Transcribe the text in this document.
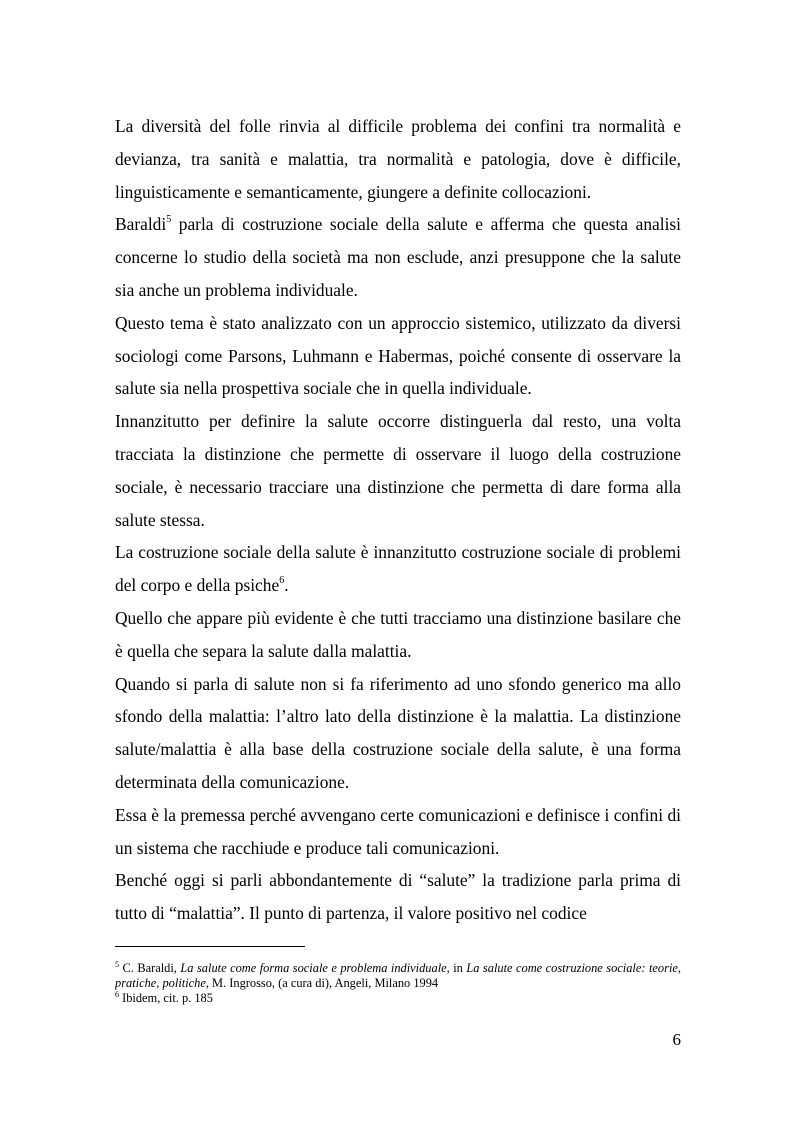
La diversità del folle rinvia al difficile problema dei confini tra normalità e devianza, tra sanità e malattia, tra normalità e patologia, dove è difficile, linguisticamente e semanticamente, giungere a definite collocazioni.

Baraldi$^5$ parla di costruzione sociale della salute e afferma che questa analisi concerne lo studio della società ma non esclude, anzi presuppone che la salute sia anche un problema individuale.

Questo tema è stato analizzato con un approccio sistemico, utilizzato da diversi sociologi come Parsons, Luhmann e Habermas, poiché consente di osservare la salute sia nella prospettiva sociale che in quella individuale.

Innanzitutto per definire la salute occorre distinguerla dal resto, una volta tracciata la distinzione che permette di osservare il luogo della costruzione sociale, è necessario tracciare una distinzione che permetta di dare forma alla salute stessa.

La costruzione sociale della salute è innanzitutto costruzione sociale di problemi del corpo e della psiche$^6$.

Quello che appare più evidente è che tutti tracciamo una distinzione basilare che è quella che separa la salute dalla malattia.

Quando si parla di salute non si fa riferimento ad uno sfondo generico ma allo sfondo della malattia: l’altro lato della distinzione è la malattia. La distinzione salute/malattia è alla base della costruzione sociale della salute, è una forma determinata della comunicazione.

Essa è la premessa perché avvengano certe comunicazioni e definisce i confini di un sistema che racchiude e produce tali comunicazioni.

Benché oggi si parli abbondantemente di “salute” la tradizione parla prima di tutto di “malattia”. Il punto di partenza, il valore positivo nel codice

$^5$ C. Baraldi, La salute come forma sociale e problema individuale, in La salute come costruzione sociale: teorie, pratiche, politiche, M. Ingrosso, (a cura di), Angeli, Milano 1994

$^6$ Ibidem, cit. p. 185

6
